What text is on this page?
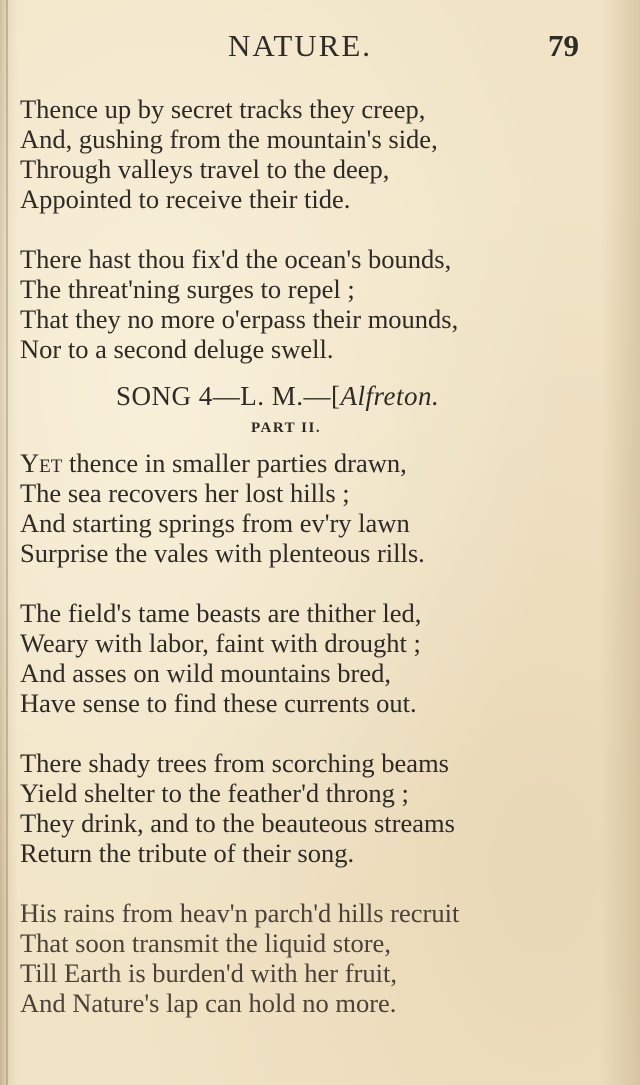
NATURE.	79
Thence up by secret tracks they creep,
And, gushing from the mountain's side,
Through valleys travel to the deep,
Appointed to receive their tide.
There hast thou fix'd the ocean's bounds,
The threat'ning surges to repel ;
That they no more o'erpass their mounds,
Nor to a second deluge swell.
SONG 4—L. M.—[Alfreton.
PART II.
Yet thence in smaller parties drawn,
The sea recovers her lost hills ;
And starting springs from ev'ry lawn
Surprise the vales with plenteous rills.
The field's tame beasts are thither led,
Weary with labor, faint with drought ;
And asses on wild mountains bred,
Have sense to find these currents out.
There shady trees from scorching beams
Yield shelter to the feather'd throng ;
They drink, and to the beauteous streams
Return the tribute of their song.
His rains from heav'n parch'd hills recruit
That soon transmit the liquid store,
Till Earth is burden'd with her fruit,
And Nature's lap can hold no more.
